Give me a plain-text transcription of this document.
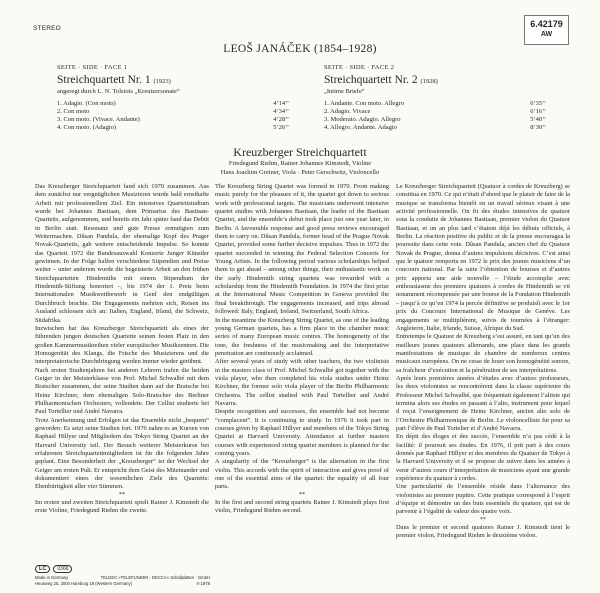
STEREO	6.42179
AW
LEOŠ JANÁČEK (1854–1928)
SEITE · SIDE · FACE 1
Streichquartett Nr. 1 (1923)
angeregt durch L. N. Tolstois „Kreutzersonate“
1. Adagio. (Con moto)	4’14’’
2. Con moto	4’34’’
3. Con moto. (Vivace. Andante)	4’28’’
4. Con moto. (Adagio)	5’26’’
SEITE · SIDE · FACE 2
Streichquartett Nr. 2 (1928)
„Intime Briefe“
1. Andante. Con moto. Allegro	6’35’’
2. Adagio. Vivace	6’16’’
3. Moderato. Adagio. Allegro	5’40’’
4. Allegro. Andante. Adagio	8’30’’
Kreuzberger Streichquartett
Friedegund Riehm, Rainer Johannes Kimstedt, Violine
Hans Joachim Greiner, Viola · Peter Gerschwitz, Violoncello

Das Kreuzberger Streichquartett fand sich 1970 zusammen. Aus dem zunächst nur vergnüglichen Musizieren wurde bald ernsthafte Arbeit mit professionellem Ziel. Ein intensives Quartettstudium wurde bei Johannes Bastiaan, dem Primarius des Bastiaan-Quartetts, aufgenommen, und bereits ein Jahr später fand das Debüt in Berlin statt. Resonanz und gute Presse ermutigten zum Weitermachen. Dûsan Pandula, der ehemalige Kopf des Prager Novak-Quartetts, gab weitere entscheidende Impulse. So konnte das Quartett 1972 die Bundesauswahl Konzerte Junger Künstler gewinnen. In der Folge halfen verschiedene Stipendien und Preise weiter – unter anderem wurde die begeisterte Arbeit an den frühen Streichquartetten Hindemiths mit einem Stipendium der Hindemith-Stiftung honoriert –, bis 1974 der 1. Preis beim Internationalen Musikwettbewerb in Genf den endgültigen Durchbruch brachte. Die Engagements mehrten sich, Reisen ins Ausland schlossen sich an: Italien, England, Irland, die Schweiz, Südafrika.

Inzwischen hat das Kreuzberger Streichquartett als eines der führenden jungen deutschen Quartette seinen festen Platz in den großen Kammermusikreihen vieler europäischer Musikzentren. Die Homogenität des Klangs, die Frische des Musizierens und die interpretatorische Durchdringung werden immer wieder gerühmt.

Nach ersten Studienjahren bei anderen Lehrern trafen die beiden Geiger in der Meisterklasse von Prof. Michel Schwalbé mit dem Bratscher zusammen, der seine Studien dann auf der Bratsche bei Heinz Kirchner, dem ehemaligen Solo-Bratscher des Berliner Philharmonischen Orchesters, vollendete. Der Cellist studierte bei Paul Tortellier und André Navarra.

Trotz Anerkennung und Erfolgen ist das Ensemble nicht „bequem“ geworden: Es setzt seine Studien fort. 1976 nahm es an Kursen von Raphael Hillyer und Mitgliedern des Tokyo String Quartet an der Harvard University teil. Der Besuch weiterer Meisterkurse bei erfahrenen Streichquartettmitgliedern ist für die folgenden Jahre geplant. Eine Besonderheit der „Kreuzberger“ ist der Wechsel der Geiger am ersten Pult. Er entspricht dem Geist des Miteinander und dokumentiert eines der wesentlichen Ziele des Quartetts: Ebenbürtigkeit aller vier Stimmen.

**

Im ersten und zweiten Streichquartett spielt Rainer J. Kimstedt die erste Violine, Friedegund Riehm die zweite.

The Kreuzberg String Quartet was formed in 1970. From making music purely for the pleasure of it, the quartet got down to serious work with professional targets. The musicians underwent intensive quartet studies with Johannes Bastiaan, the leader of the Bastiaan Quartet, and the ensemble’s debut took place just one year later, in Berlin. A favourable response and good press reviews encouraged them to carry on. Dûsan Pandula, former head of the Prague Novak Quartet, provided some further decisive impulses. Thus in 1972 the quartet succeeded in winning the Federal Selection Concerts for Young Artists. In the following period various scholarships helped them to get ahead – among other things, their enthusiastic work on the early Hindemith string quartets was rewarded with a scholarship from the Hindemith Foundation. In 1974 the first prize at the International Music Competition in Geneva provided the final breakthrough. The engagements increased, and trips abroad followed: Italy, England, Ireland, Switzerland, South Africa.

In the meantime the Kreuzberg String Quartet, as one of the leading young German quartets, has a firm place in the chamber music series of many European music centres. The homogeneity of the tone, the freshness of the musicmaking and the interpretative penetration are continously acclaimed.

After several years of study with other teachers, the two violinists in the masters class of Prof. Michel Schwalbé got together with the viola player, who then completed his viola studies under Heinz Kirchner, the former solo viola player of the Berlin Philharmonic Orchestra. The cellist studied with Paul Tortellier and André Navarra.

Despite recognition and successes, the ensemble had not become “complacent”. It is continuing to study. In 1976 it took part in courses given by Raphael Hillyer and members of the Tokyo String Quartet at Harvard University. Attendance at further masters courses with experienced string quartet members is planned for the coming years.

A singularity of the “Kreuzberger” is the alternation in the first violin. This accords with the spirit of interaction and gives proof of one of the essential aims of the quartet: the equality of all four parts.

**

In the first and second string quartets Rainer J. Kimstedt plays first violin, Friedegund Riehm second.

Le Kreuzberger Streichquartett (Quatuor à cordes de Kreuzberg) se constitua en 1970. Ce qui n’était d’abord que le plaisir de faire de la musique se transforma bientôt en un travail sérieux visant à une activité professionnelle. On fit des études intensives de quatuor sous la conduite de Johannes Bastiaan, premier violon du Quatuor Bastiaan, et un an plus tard c’étaient déjà les débuts officiels, à Berlin. La réaction positive du public et de la presse encouragea la poursuite dans cette voie. Dûsan Pandula, ancien chef du Quatuor Novak de Prague, donna d’autres impulsions décisives. C’est ainsi que le quatuor remporta en 1972 le prix des jeunes musiciens d’un concours national. Par la suite l’obtention de bourses et d’autres prix apporta une aide nouvelle – l’étude accomplie avec enthousiasme des premiers quatuors à cordes de Hindemith se vit notamment récompensée par une bourse de la Fondation Hindemith – jusqu’à ce qu’en 1974 la percée définitive se produisît avec le 1er prix du Concours International de Musique de Genève. Les engagements se multiplièrent, suivis de tournées à l’étranger: Angleterre, Italie, Irlande, Suisse, Afrique du Sud.

Entretemps le Quatuor de Kreuzberg s’est assuré, en tant qu’un des meilleurs jeunes quatuors allemands, une place dans les grands manifestations de musique de chambre de nombreux centres musicaux européens. On ne cesse de louer son homogénéité sonore, sa fraîcheur d’exécution et la pénétration de ses interprétations.

Après leurs premières années d’études avec d’autres professeurs, les deux violonistes se rencontrèrent dans la classe supérieure du Professeur Michel Schwalbé, que fréquentait également l’altiste qui termina alors ses études en passant à l’alto, instrument pour lequel il reçut l’enseignement de Heinz Kirchner, ancien alto solo de l’Orchestre Philharmonique de Berlin. Le violoncelliste fut pour sa part l’élève de Paul Tortelier et d’André Navarra.

En dépit des éloges et des succès, l’ensemble n’a pas cédé à la facilité: il poursuit ses études. En 1976, il prit part à des cours donnés par Raphael Hillyer et des membres du Quatuor de Tokyo à la Harvard University et il se propose de suivre dans les années à venir d’autres cours d’interprétation de musiciens ayant une grande expérience du quatuor à cordes.

Une particularité de l’ensemble réside dans l’alternance des violonistes au premier pupitre. Cette pratique correspond à l’esprit d’équipe et démontre un des buts essentiels du quatuor, qui est de parvenir à l’égalité de valeur des quatre voix.

**

Dans le premier et second quatuors Rainer J. Kimstedt tient le premier violon, Friedegund Riehm le deuxième violon.

LC	0366
Made in Germany	TELDEC »TELEFUNKEN - DECCA« Schallplatten · GmbH
Heusweg 25, 2000 Hamburg 19 (Western Germany)	℗ 1978
